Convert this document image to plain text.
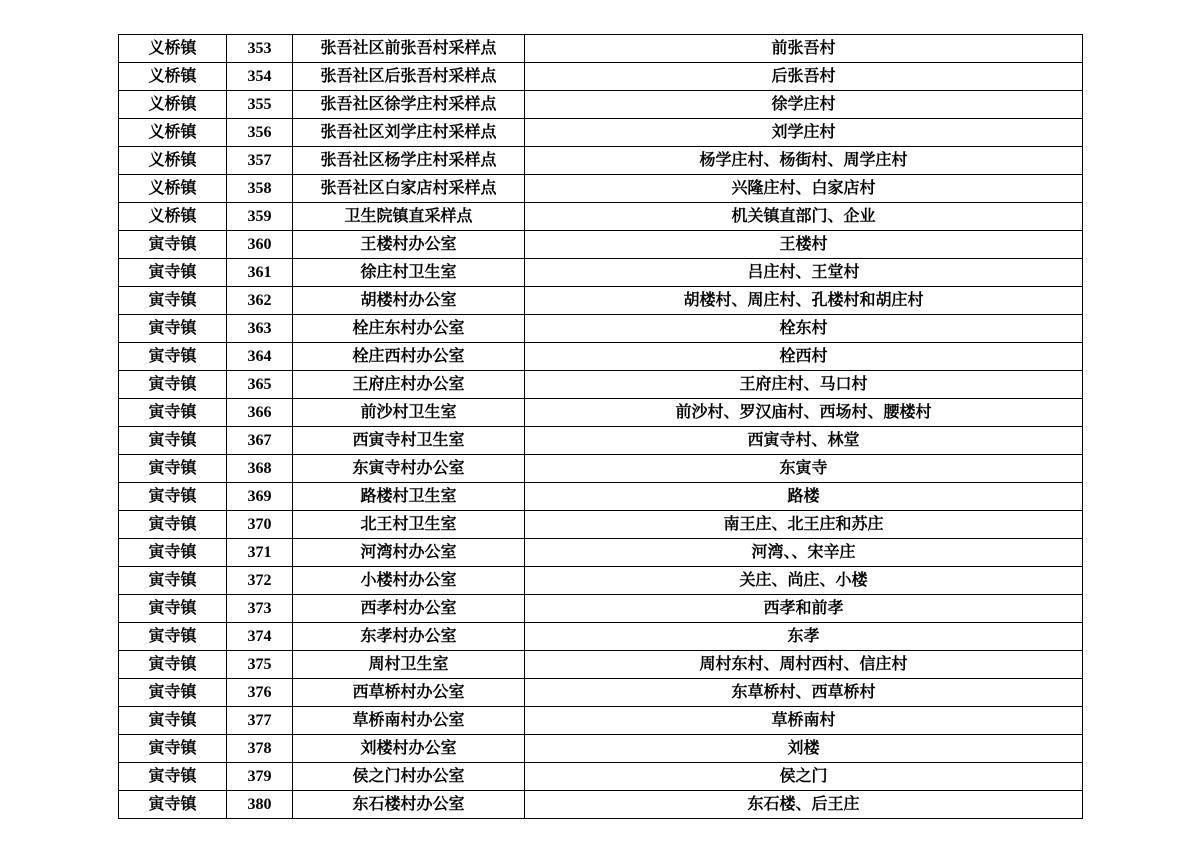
义桥镇	353	张吾社区前张吾村采样点	前张吾村
义桥镇	354	张吾社区后张吾村采样点	后张吾村
义桥镇	355	张吾社区徐学庄村采样点	徐学庄村
义桥镇	356	张吾社区刘学庄村采样点	刘学庄村
义桥镇	357	张吾社区杨学庄村采样点	杨学庄村、杨街村、周学庄村
义桥镇	358	张吾社区白家店村采样点	兴隆庄村、白家店村
义桥镇	359	卫生院镇直采样点	机关镇直部门、企业
寅寺镇	360	王楼村办公室	王楼村
寅寺镇	361	徐庄村卫生室	吕庄村、王堂村
寅寺镇	362	胡楼村办公室	胡楼村、周庄村、孔楼村和胡庄村
寅寺镇	363	栓庄东村办公室	栓东村
寅寺镇	364	栓庄西村办公室	栓西村
寅寺镇	365	王府庄村办公室	王府庄村、马口村
寅寺镇	366	前沙村卫生室	前沙村、罗汉庙村、西场村、腰楼村
寅寺镇	367	西寅寺村卫生室	西寅寺村、林堂
寅寺镇	368	东寅寺村办公室	东寅寺
寅寺镇	369	路楼村卫生室	路楼
寅寺镇	370	北王村卫生室	南王庄、北王庄和苏庄
寅寺镇	371	河湾村办公室	河湾、、宋辛庄
寅寺镇	372	小楼村办公室	关庄、尚庄、小楼
寅寺镇	373	西孝村办公室	西孝和前孝
寅寺镇	374	东孝村办公室	东孝
寅寺镇	375	周村卫生室	周村东村、周村西村、信庄村
寅寺镇	376	西草桥村办公室	东草桥村、西草桥村
寅寺镇	377	草桥南村办公室	草桥南村
寅寺镇	378	刘楼村办公室	刘楼
寅寺镇	379	侯之门村办公室	侯之门
寅寺镇	380	东石楼村办公室	东石楼、后王庄
